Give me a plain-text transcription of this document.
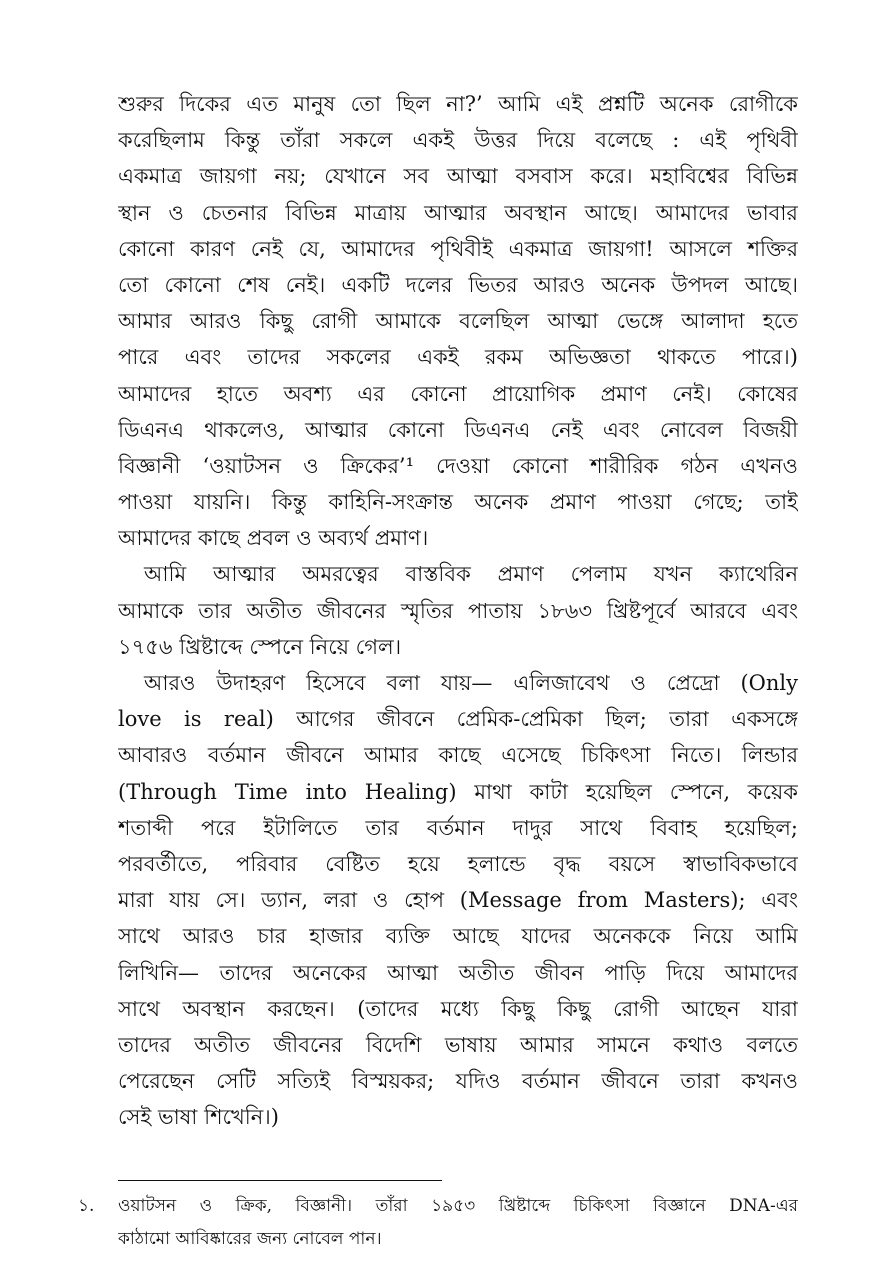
শুরুর দিকের এত মানুষ তো ছিল না?’ আমি এই প্রশ্নটি অনেক রোগীকে
করেছিলাম কিন্তু তাঁরা সকলে একই উত্তর দিয়ে বলেছে : এই পৃথিবী
একমাত্র জায়গা নয়; যেখানে সব আত্মা বসবাস করে। মহাবিশ্বের বিভিন্ন
স্থান ও চেতনার বিভিন্ন মাত্রায় আত্মার অবস্থান আছে। আমাদের ভাবার
কোনো কারণ নেই যে, আমাদের পৃথিবীই একমাত্র জায়গা! আসলে শক্তির
তো কোনো শেষ নেই। একটি দলের ভিতর আরও অনেক উপদল আছে।
আমার আরও কিছু রোগী আমাকে বলেছিল আত্মা ভেঙ্গে আলাদা হতে
পারে এবং তাদের সকলের একই রকম অভিজ্ঞতা থাকতে পারে।)
আমাদের হাতে অবশ্য এর কোনো প্রায়োগিক প্রমাণ নেই। কোষের
ডিএনএ থাকলেও, আত্মার কোনো ডিএনএ নেই এবং নোবেল বিজয়ী
বিজ্ঞানী ‘ওয়াটসন ও ক্রিকের’¹ দেওয়া কোনো শারীরিক গঠন এখনও
পাওয়া যায়নি। কিন্তু কাহিনি-সংক্রান্ত অনেক প্রমাণ পাওয়া গেছে; তাই
আমাদের কাছে প্রবল ও অব্যর্থ প্রমাণ।
আমি আত্মার অমরত্বের বাস্তবিক প্রমাণ পেলাম যখন ক্যাথেরিন
আমাকে তার অতীত জীবনের স্মৃতির পাতায় ১৮৬৩ খ্রিষ্টপূর্বে আরবে এবং
১৭৫৬ খ্রিষ্টাব্দে স্পেনে নিয়ে গেল।
আরও উদাহরণ হিসেবে বলা যায়— এলিজাবেথ ও প্রেদ্রো (Only
love is real) আগের জীবনে প্রেমিক-প্রেমিকা ছিল; তারা একসঙ্গে
আবারও বর্তমান জীবনে আমার কাছে এসেছে চিকিৎসা নিতে। লিন্ডার
(Through Time into Healing) মাথা কাটা হয়েছিল স্পেনে, কয়েক
শতাব্দী পরে ইটালিতে তার বর্তমান দাদুর সাথে বিবাহ হয়েছিল;
পরবর্তীতে, পরিবার বেষ্টিত হয়ে হলান্ডে বৃদ্ধ বয়সে স্বাভাবিকভাবে
মারা যায় সে। ড্যান, লরা ও হোপ (Message from Masters); এবং
সাথে আরও চার হাজার ব্যক্তি আছে যাদের অনেককে নিয়ে আমি
লিখিনি— তাদের অনেকের আত্মা অতীত জীবন পাড়ি দিয়ে আমাদের
সাথে অবস্থান করছেন। (তাদের মধ্যে কিছু কিছু রোগী আছেন যারা
তাদের অতীত জীবনের বিদেশি ভাষায় আমার সামনে কথাও বলতে
পেরেছেন সেটি সত্যিই বিস্ময়কর; যদিও বর্তমান জীবনে তারা কখনও
সেই ভাষা শিখেনি।)
১.	ওয়াটসন ও ক্রিক, বিজ্ঞানী। তাঁরা ১৯৫৩ খ্রিষ্টাব্দে চিকিৎসা বিজ্ঞানে DNA-এর
কাঠামো আবিষ্কারের জন্য নোবেল পান।
